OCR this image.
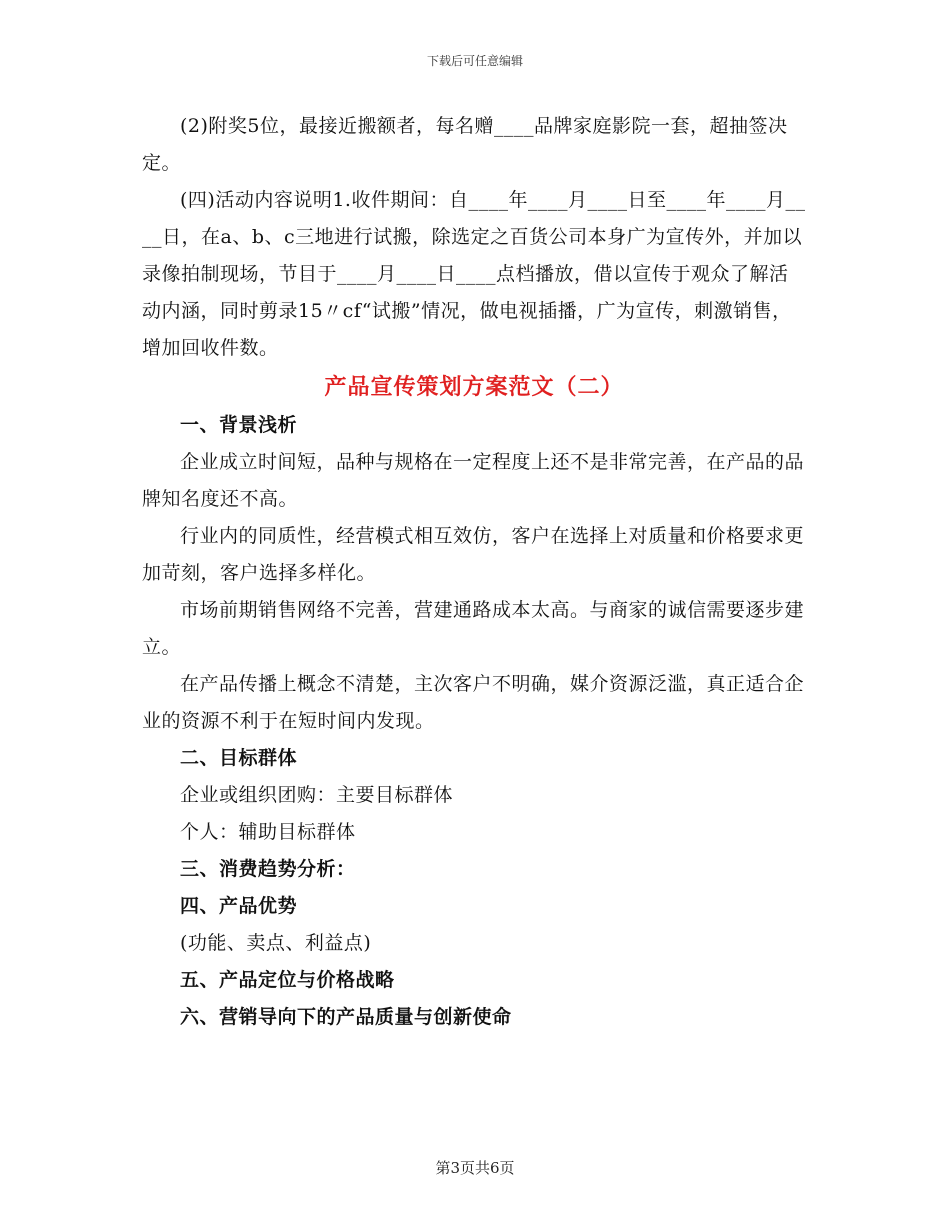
下载后可任意编辑

(2)附奖5位，最接近搬额者，每名赠____品牌家庭影院一套，超抽签决定。

(四)活动内容说明1.收件期间：自____年____月____日至____年____月____日，在a、b、c三地进行试搬，除选定之百货公司本身广为宣传外，并加以录像拍制现场，节目于____月____日____点档播放，借以宣传于观众了解活动内涵，同时剪录15〃cf“试搬”情况，做电视插播，广为宣传，刺激销售，增加回收件数。

产品宣传策划方案范文（二）
一、背景浅析

企业成立时间短，品种与规格在一定程度上还不是非常完善，在产品的品牌知名度还不高。

行业内的同质性，经营模式相互效仿，客户在选择上对质量和价格要求更加苛刻，客户选择多样化。

市场前期销售网络不完善，营建通路成本太高。与商家的诚信需要逐步建立。

在产品传播上概念不清楚，主次客户不明确，媒介资源泛滥，真正适合企业的资源不利于在短时间内发现。

二、目标群体

企业或组织团购：主要目标群体

个人：辅助目标群体

三、消费趋势分析：
四、产品优势

(功能、卖点、利益点)

五、产品定位与价格战略
六、营销导向下的产品质量与创新使命
第3页共6页
